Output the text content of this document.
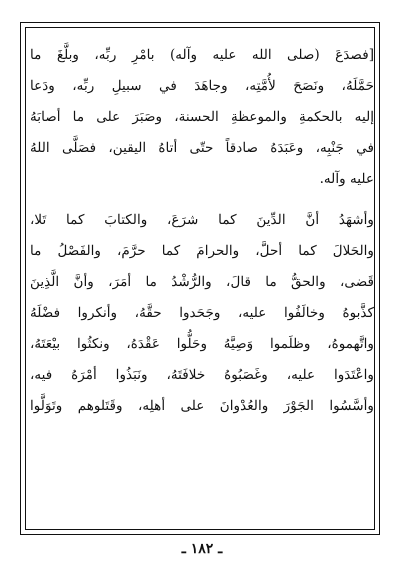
[فصدَعَ (صلى الله عليه وآله) بامْرِ ربِّه، وبلَّغَ ما
حَمَّلَهُ، ونَصَحَ لأُمَّتِه، وجاهَدَ في سبيلِ ربِّه، ودَعا
إليه بالحكمةِ والموعظةِ الحسنة، وصَبَرَ على ما أصابَهُ
في جَنْبِه، وعَبَدَهُ صادقاً حتّى أتاهُ اليقين، فصَلَّى اللهُ
عليه وآله.
وأشهَدُ أنَّ الدِّينَ كما شرَعَ، والكتابَ كما تَلا،
والحَلالَ كما أحلَّ، والحرامَ كما حرَّمَ، والفَصْلُ ما
قَضى، والحقُّ ما قالَ، والرُّشْدُ ما أمَرَ، وأنَّ الَّذِينَ
كذَّبوهُ وخالَفُوا عليه، وجَحَدوا حقَّهُ، وأنكروا فضْلَهُ
واتَّهموهُ، وظلَموا وَصِيَّهُ وحَلُّوا عَقْدَهُ، ونكثُوا بيْعَتَهُ،
واعْتَدَوا عليه، وغَصَبُوهُ خلافَتَهُ، ونَبَذُوا أمْرَهُ فيه،
وأسَّسُوا الجَوْرَ والعُدْوانَ على أهلِه، وقَتَلوهم وتَوَلَّوا
ـ ١٨٢ ـ
